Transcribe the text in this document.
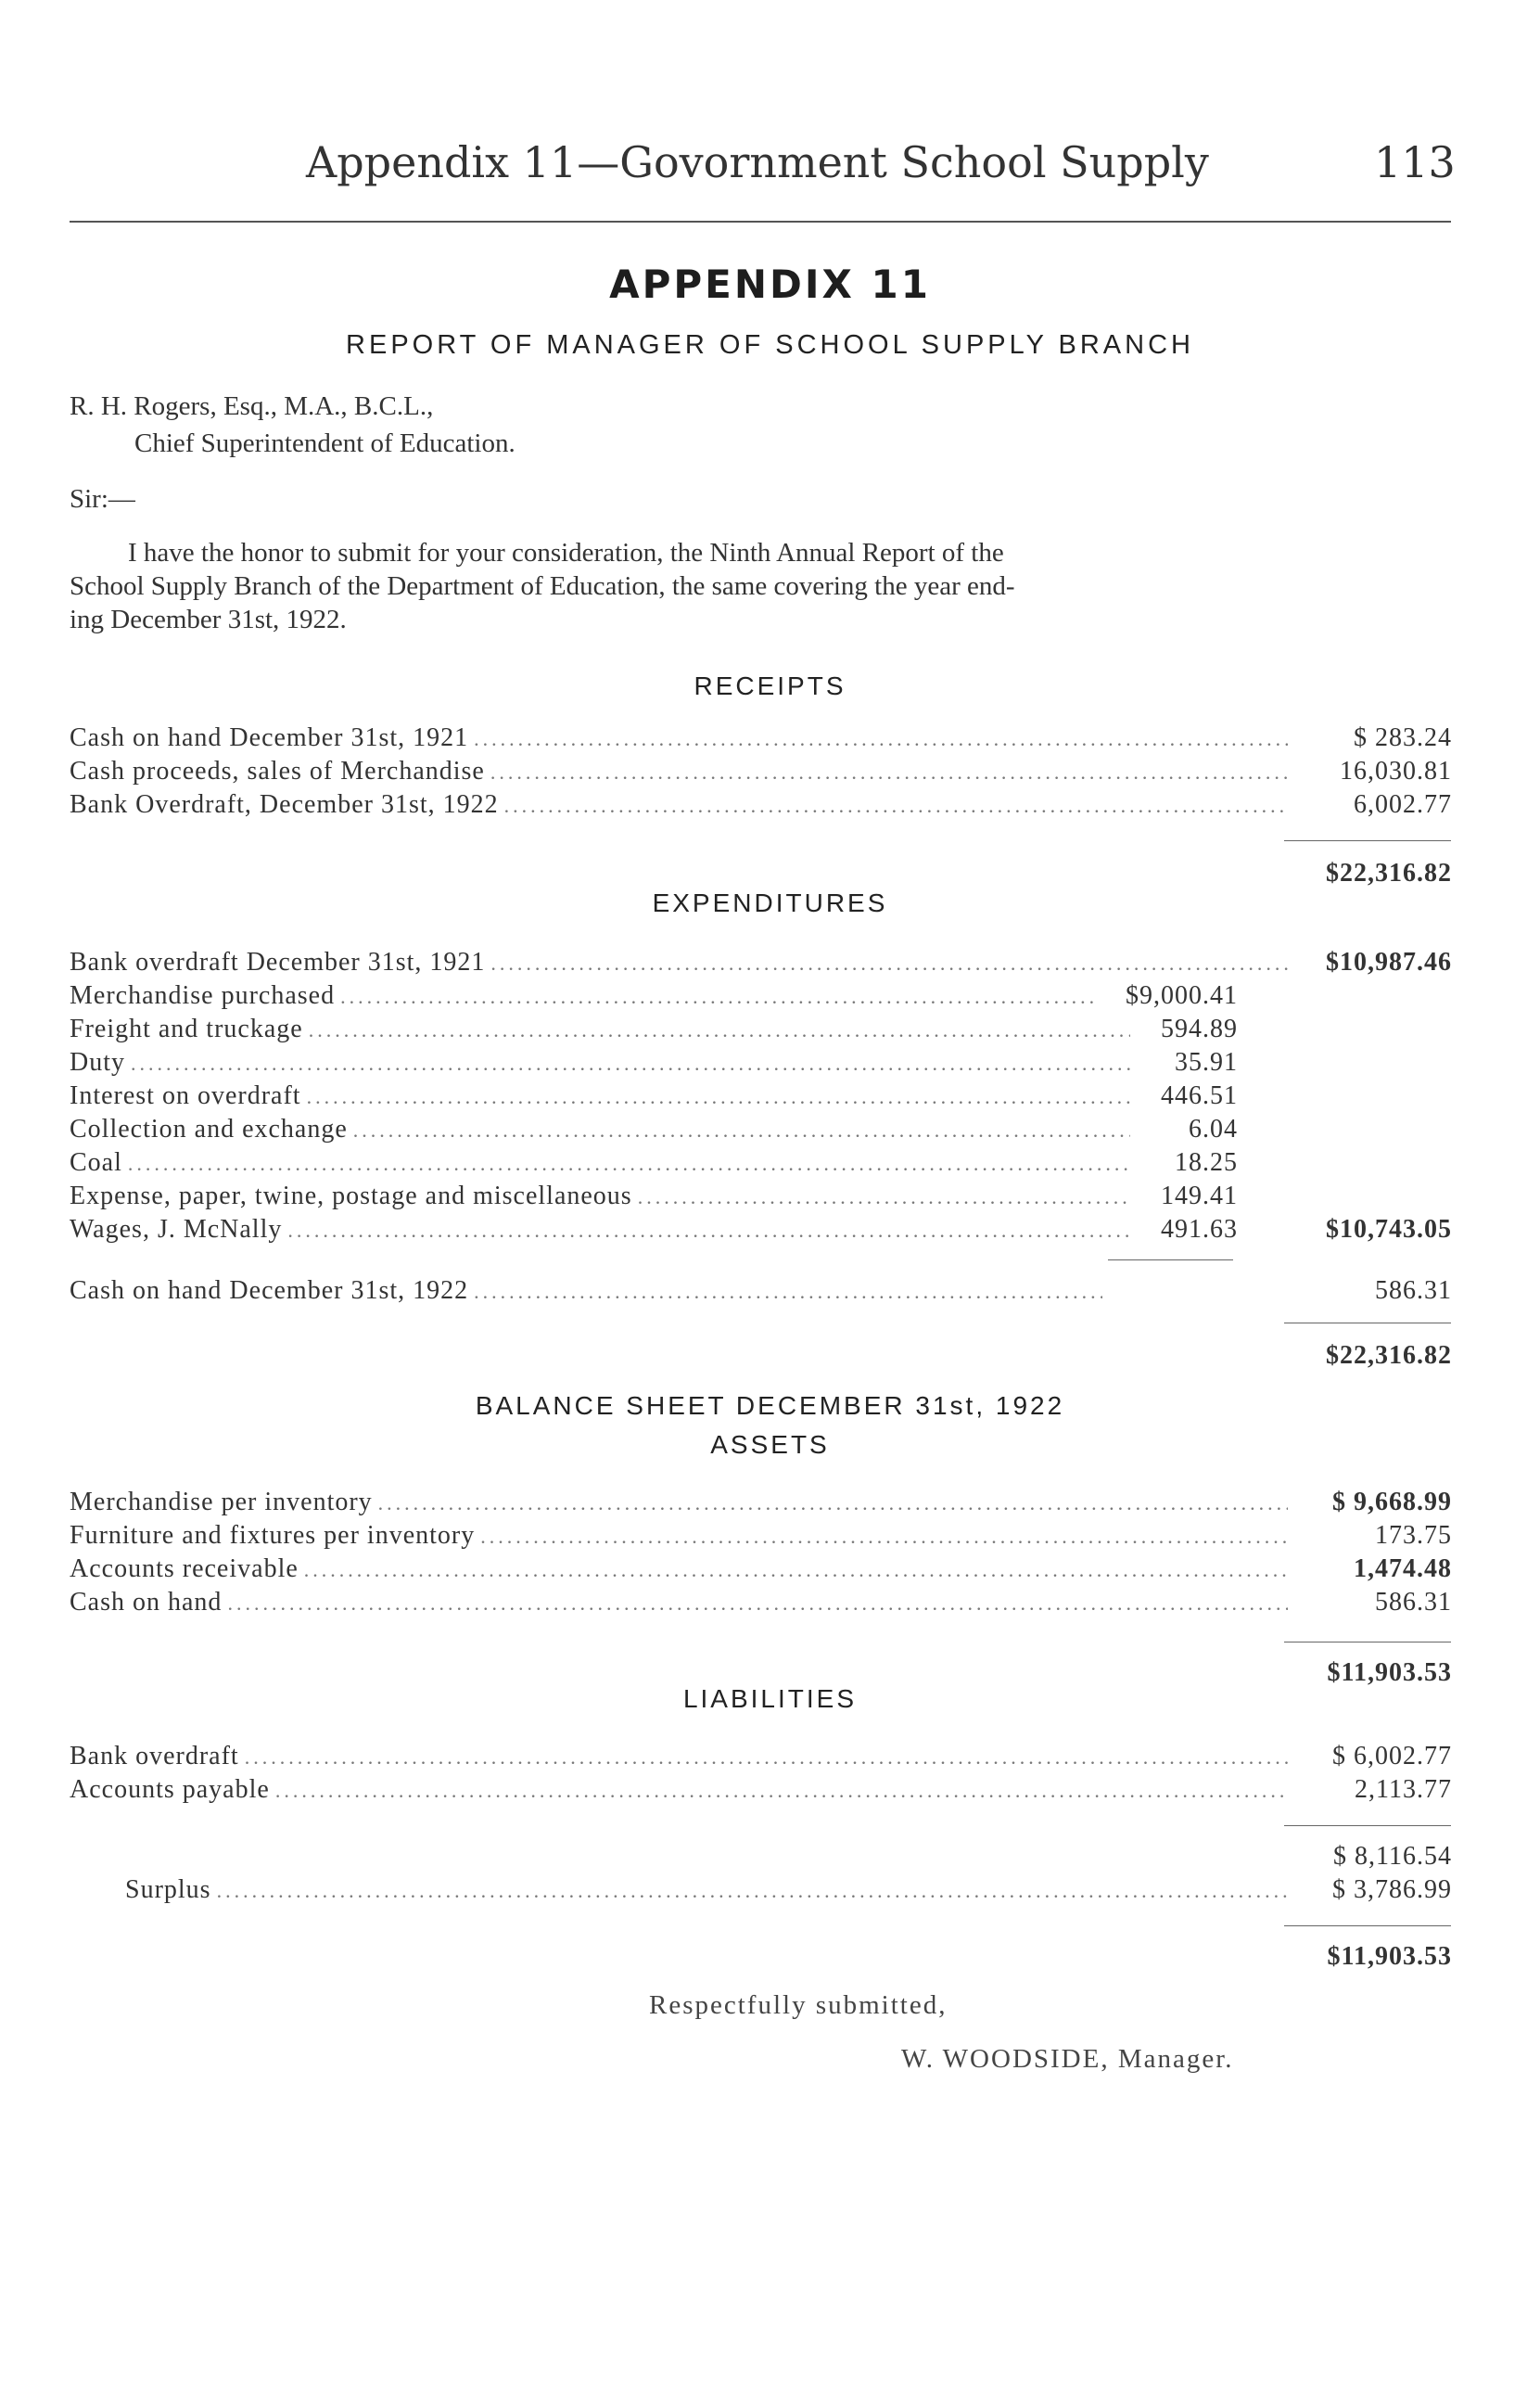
Appendix 11—Govornment School Supply	113
APPENDIX 11
REPORT OF MANAGER OF SCHOOL SUPPLY BRANCH
R. H. Rogers, Esq., M.A., B.C.L.,
Chief Superintendent of Education.
Sir:—
I have the honor to submit for your consideration, the Ninth Annual Report of the
School Supply Branch of the Department of Education, the same covering the year end-
ing December 31st, 1922.
RECEIPTS
Cash on hand December 31st, 1921 .....	$ 283.24
Cash proceeds, sales of Merchandise .....	16,030.81
Bank Overdraft, December 31st, 1922 .....	6,002.77
$22,316.82
EXPENDITURES
Bank overdraft December 31st, 1921 .....	$10,987.46
Merchandise purchased .....	$9,000.41
Freight and truckage .....	594.89
Duty .....	35.91
Interest on overdraft .....	446.51
Collection and exchange .....	6.04
Coal .....	18.25
Expense, paper, twine, postage and miscellaneous .....	149.41
Wages, J. McNally .....	491.63	$10,743.05
Cash on hand December 31st, 1922 .....	586.31
$22,316.82
BALANCE SHEET DECEMBER 31st, 1922
ASSETS
Merchandise per inventory .....	$ 9,668.99
Furniture and fixtures per inventory .....	173.75
Accounts receivable .....	1,474.48
Cash on hand .....	586.31
$11,903.53
LIABILITIES
Bank overdraft .....	$ 6,002.77
Accounts payable .....	2,113.77
$ 8,116.54
Surplus .....	$ 3,786.99
$11,903.53
Respectfully submitted,
W. WOODSIDE, Manager.
